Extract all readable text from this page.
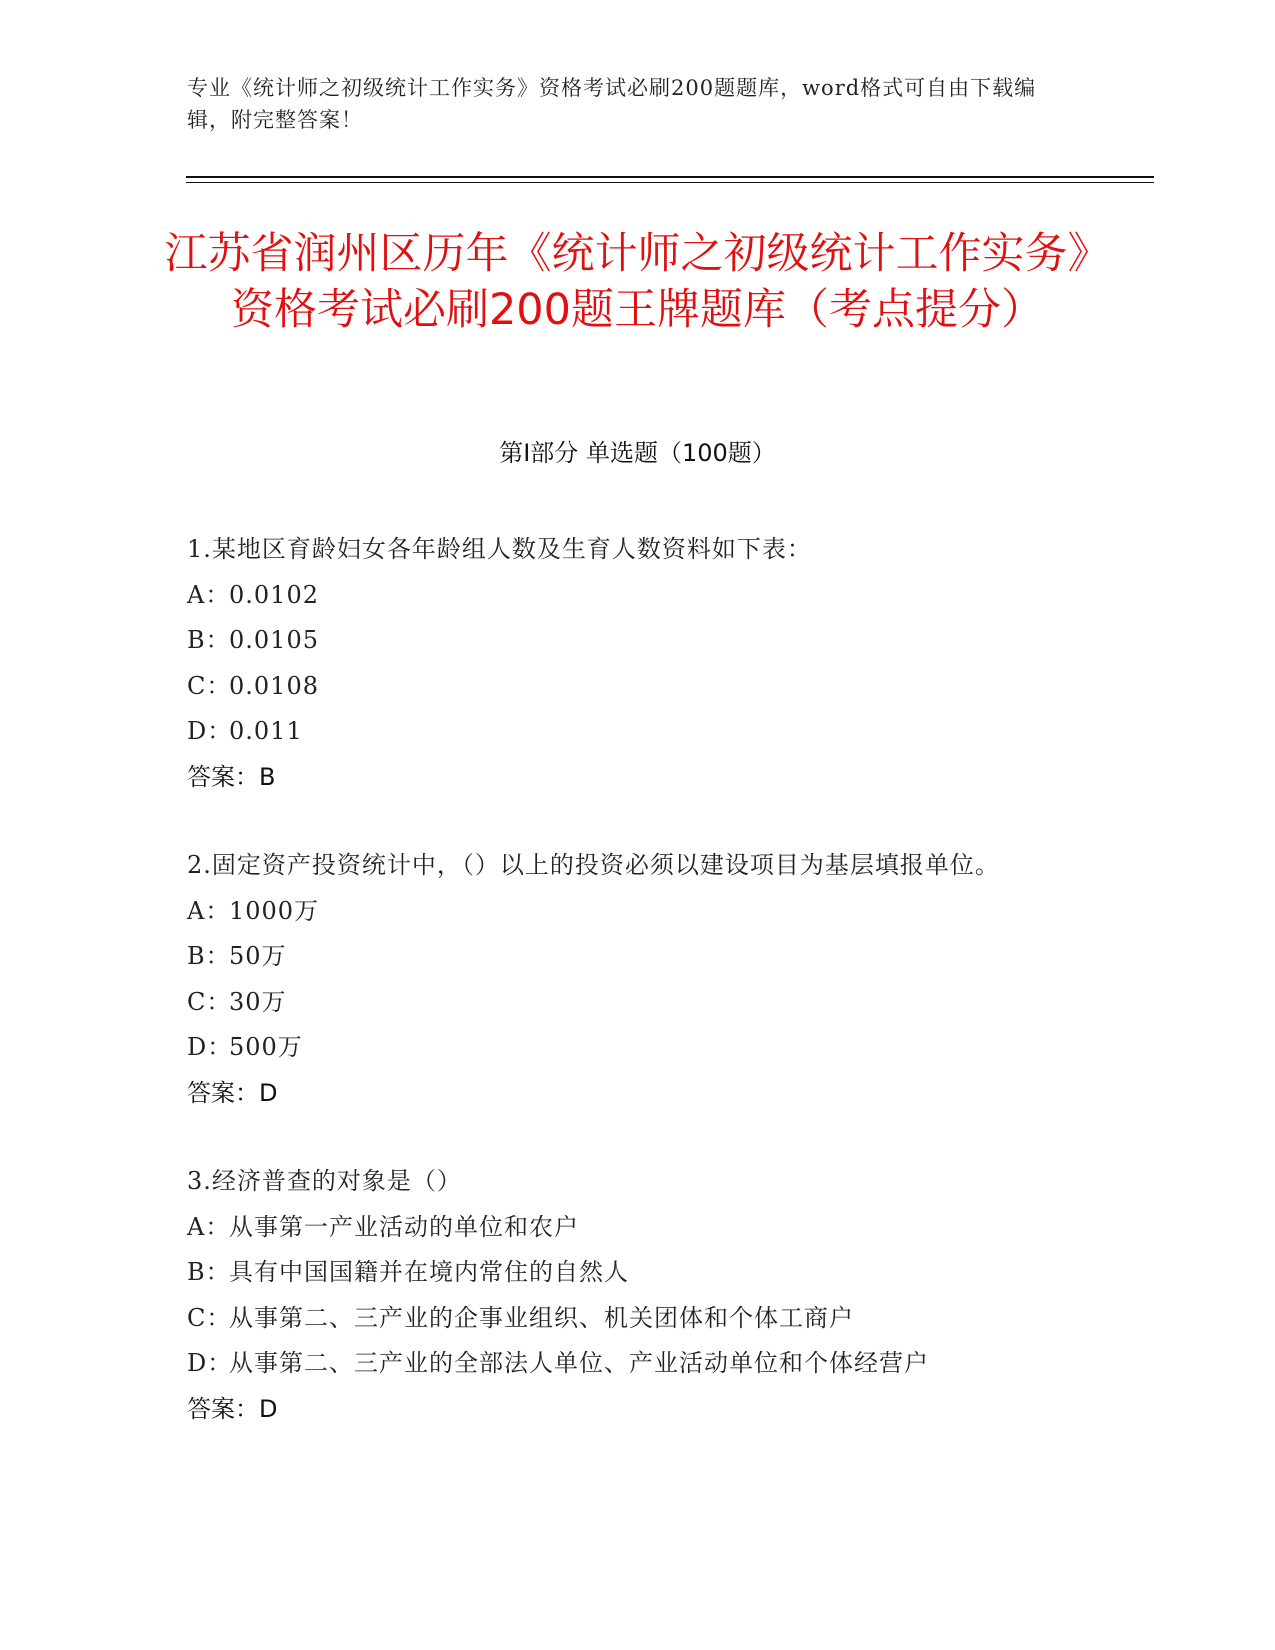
专业《统计师之初级统计工作实务》资格考试必刷200题题库，word格式可自由下载编辑，附完整答案！
江苏省润州区历年《统计师之初级统计工作实务》资格考试必刷200题王牌题库（考点提分）
第I部分 单选题（100题）
1.某地区育龄妇女各年龄组人数及生育人数资料如下表：
A：0.0102
B：0.0105
C：0.0108
D：0.011
答案：B
2.固定资产投资统计中，（）以上的投资必须以建设项目为基层填报单位。
A：1000万
B：50万
C：30万
D：500万
答案：D
3.经济普查的对象是（）
A：从事第一产业活动的单位和农户
B：具有中国国籍并在境内常住的自然人
C：从事第二、三产业的企事业组织、机关团体和个体工商户
D：从事第二、三产业的全部法人单位、产业活动单位和个体经营户
答案：D
